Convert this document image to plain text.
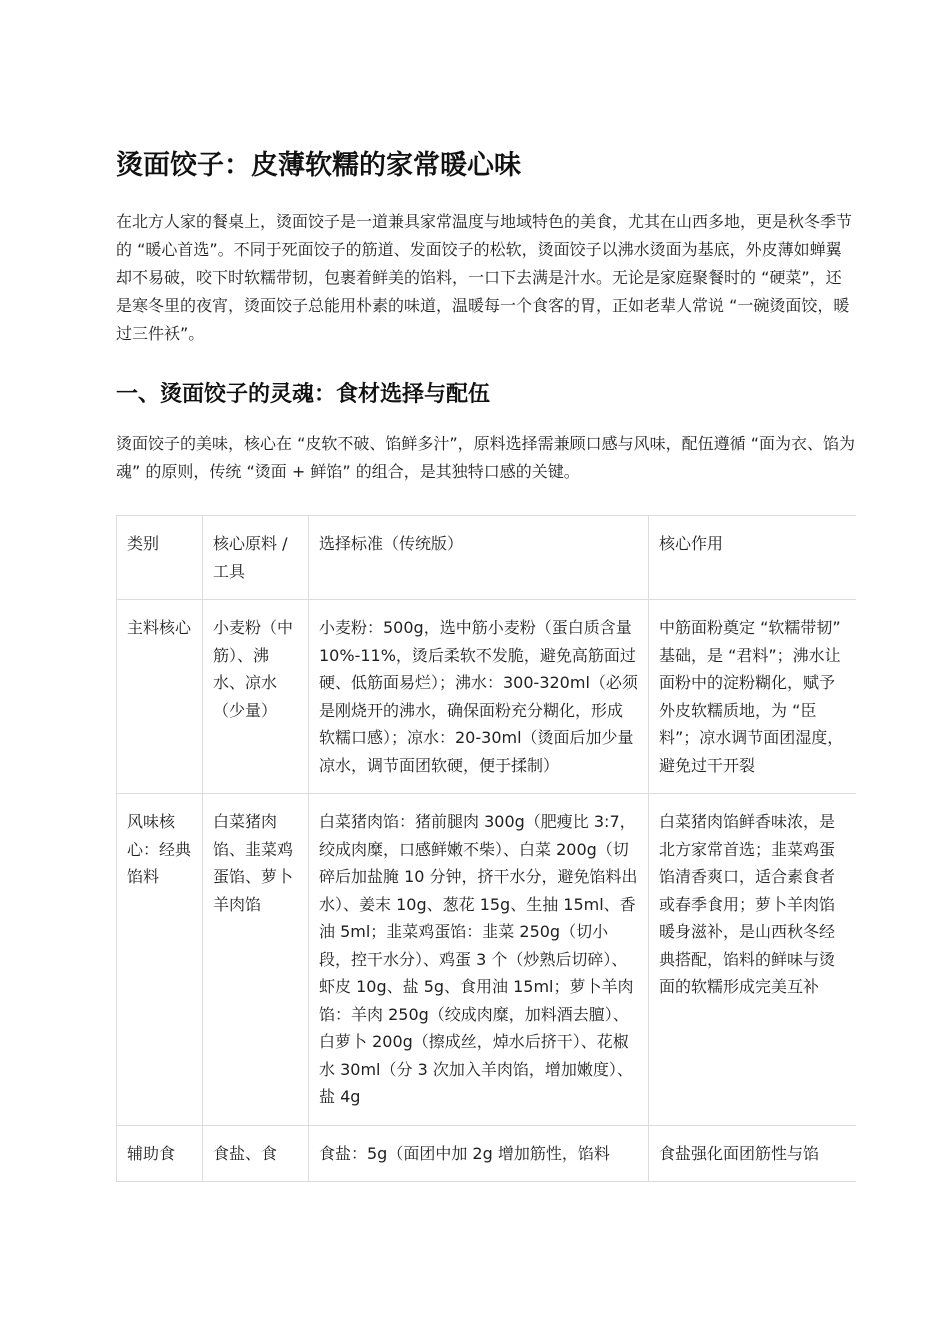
烫面饺子：皮薄软糯的家常暖心味

在北方人家的餐桌上，烫面饺子是一道兼具家常温度与地域特色的美食，尤其在山西多地，更是秋冬季节的 “暖心首选”。不同于死面饺子的筋道、发面饺子的松软，烫面饺子以沸水烫面为基底，外皮薄如蝉翼却不易破，咬下时软糯带韧，包裹着鲜美的馅料，一口下去满是汁水。无论是家庭聚餐时的 “硬菜”，还是寒冬里的夜宵，烫面饺子总能用朴素的味道，温暖每一个食客的胃，正如老辈人常说 “一碗烫面饺，暖过三件袄”。

一、烫面饺子的灵魂：食材选择与配伍

烫面饺子的美味，核心在 “皮软不破、馅鲜多汁”，原料选择需兼顾口感与风味，配伍遵循 “面为衣、馅为魂” 的原则，传统 “烫面 + 鲜馅” 的组合，是其独特口感的关键。

类别	核心原料 / 工具	选择标准（传统版）	核心作用
主料核心	小麦粉（中筋）、沸水、凉水（少量）	小麦粉：500g，选中筋小麦粉（蛋白质含量 10%-11%，烫后柔软不发脆，避免高筋面过硬、低筋面易烂）；沸水：300-320ml（必须是刚烧开的沸水，确保面粉充分糊化，形成软糯口感）；凉水：20-30ml（烫面后加少量凉水，调节面团软硬，便于揉制）	中筋面粉奠定 “软糯带韧” 基础，是 “君料”；沸水让面粉中的淀粉糊化，赋予外皮软糯质地，为 “臣料”；凉水调节面团湿度，避免过干开裂
风味核心：经典馅料	白菜猪肉馅、韭菜鸡蛋馅、萝卜羊肉馅	白菜猪肉馅：猪前腿肉 300g（肥瘦比 3:7，绞成肉糜，口感鲜嫩不柴）、白菜 200g（切碎后加盐腌 10 分钟，挤干水分，避免馅料出水）、姜末 10g、葱花 15g、生抽 15ml、香油 5ml；韭菜鸡蛋馅：韭菜 250g（切小段，控干水分）、鸡蛋 3 个（炒熟后切碎）、虾皮 10g、盐 5g、食用油 15ml；萝卜羊肉馅：羊肉 250g（绞成肉糜，加料酒去膻）、白萝卜 200g（擦成丝，焯水后挤干）、花椒水 30ml（分 3 次加入羊肉馅，增加嫩度）、盐 4g	白菜猪肉馅鲜香味浓，是北方家常首选；韭菜鸡蛋馅清香爽口，适合素食者或春季食用；萝卜羊肉馅暖身滋补，是山西秋冬经典搭配，馅料的鲜味与烫面的软糯形成完美互补
辅助食	食盐、食	食盐：5g（面团中加 2g 增加筋性，馅料	食盐强化面团筋性与馅
